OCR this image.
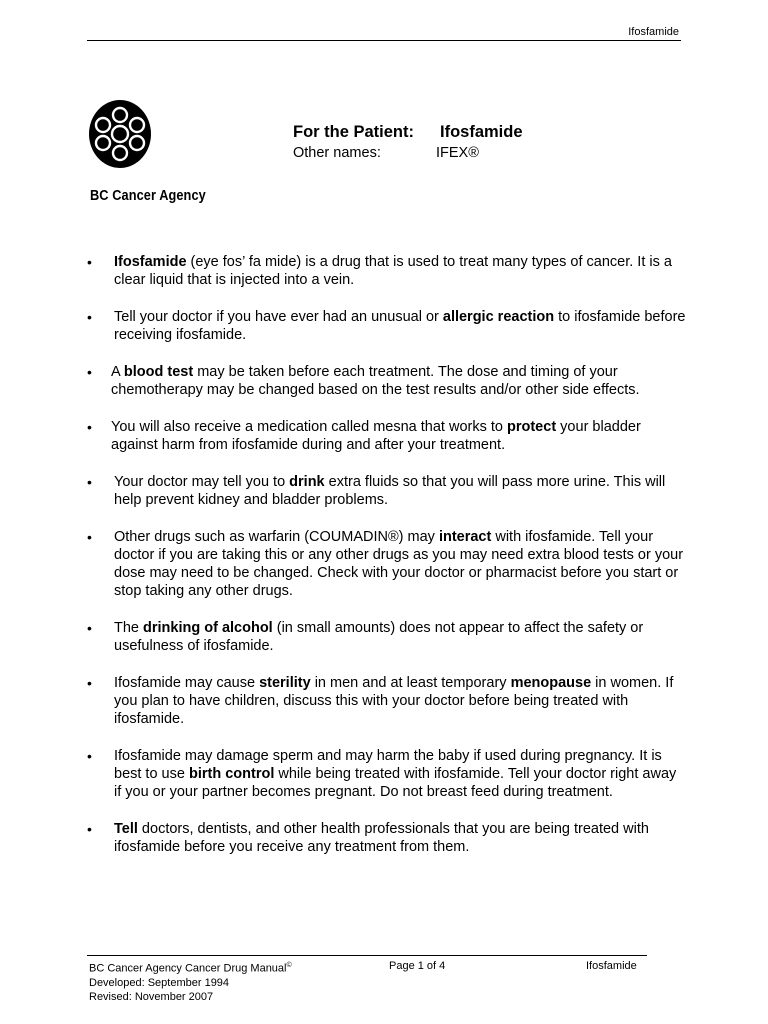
Ifosfamide
BC Cancer Agency
For the Patient: Ifosfamide
Other names:	IFEX®
• Ifosfamide (eye fos’ fa mide) is a drug that is used to treat many types of cancer. It is a clear liquid that is injected into a vein.
• Tell your doctor if you have ever had an unusual or allergic reaction to ifosfamide before receiving ifosfamide.
• A blood test may be taken before each treatment. The dose and timing of your chemotherapy may be changed based on the test results and/or other side effects.
• You will also receive a medication called mesna that works to protect your bladder against harm from ifosfamide during and after your treatment.
• Your doctor may tell you to drink extra fluids so that you will pass more urine. This will help prevent kidney and bladder problems.
• Other drugs such as warfarin (COUMADIN®) may interact with ifosfamide. Tell your doctor if you are taking this or any other drugs as you may need extra blood tests or your dose may need to be changed. Check with your doctor or pharmacist before you start or stop taking any other drugs.
• The drinking of alcohol (in small amounts) does not appear to affect the safety or usefulness of ifosfamide.
• Ifosfamide may cause sterility in men and at least temporary menopause in women. If you plan to have children, discuss this with your doctor before being treated with ifosfamide.
• Ifosfamide may damage sperm and may harm the baby if used during pregnancy. It is best to use birth control while being treated with ifosfamide. Tell your doctor right away if you or your partner becomes pregnant. Do not breast feed during treatment.
• Tell doctors, dentists, and other health professionals that you are being treated with ifosfamide before you receive any treatment from them.
BC Cancer Agency Cancer Drug Manual©
Developed: September 1994
Revised: November 2007
Page 1 of 4	Ifosfamide
